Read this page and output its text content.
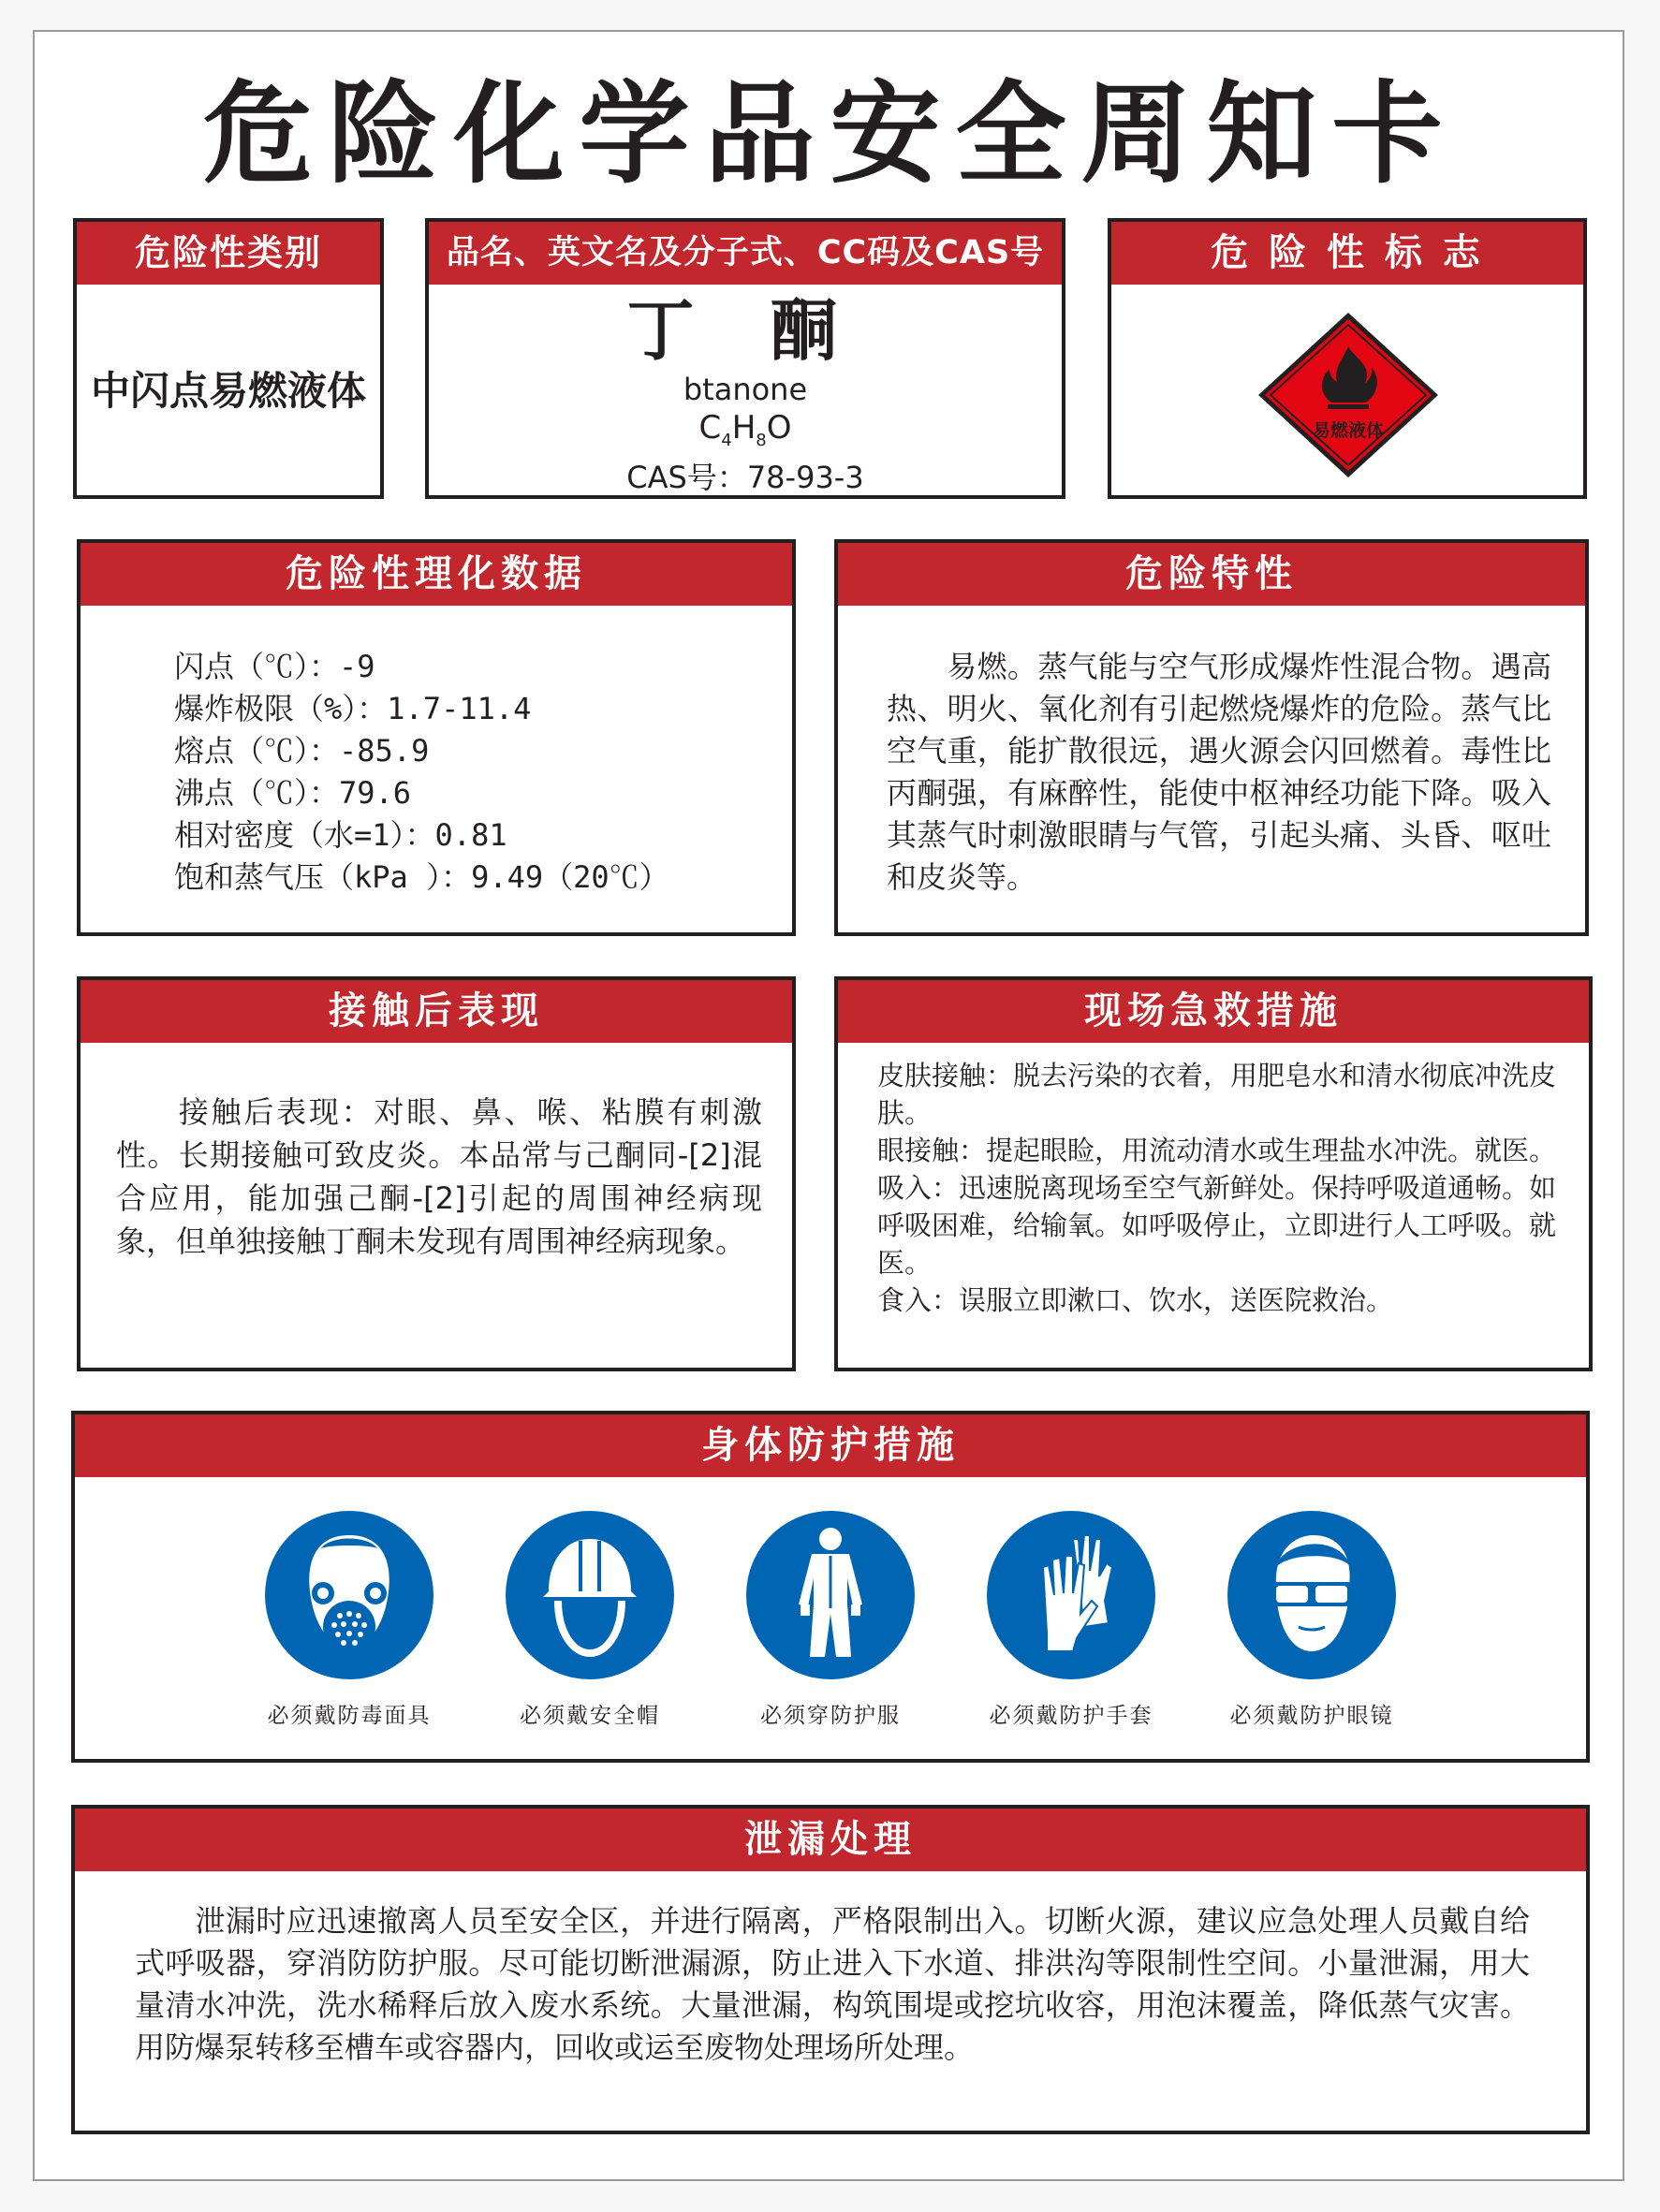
危险化学品安全周知卡
危险性类别
中闪点易燃液体
品名、英文名及分子式、CC码及CAS号
丁 酮
btanone
$C_4H_8O$
CAS号：78-93-3
危 险 性 标 志
易燃液体
危险性理化数据
闪点（℃）：-9
爆炸极限（%）：1.7-11.4
熔点（℃）：-85.9
沸点（℃）：79.6
相对密度（水=1）：0.81
饱和蒸气压（kPa ）：9.49（20℃）
危险特性
易燃。蒸气能与空气形成爆炸性混合物。遇高热、明火、氧化剂有引起燃烧爆炸的危险。蒸气比空气重，能扩散很远，遇火源会闪回燃着。毒性比丙酮强，有麻醉性，能使中枢神经功能下降。吸入其蒸气时刺激眼睛与气管，引起头痛、头昏、呕吐和皮炎等。
接触后表现
接触后表现：对眼、鼻、喉、粘膜有刺激性。长期接触可致皮炎。本品常与己酮同-[2]混合应用，能加强己酮-[2]引起的周围神经病现象，但单独接触丁酮未发现有周围神经病现象。
现场急救措施
皮肤接触：脱去污染的衣着，用肥皂水和清水彻底冲洗皮肤。
眼接触：提起眼睑，用流动清水或生理盐水冲洗。就医。
吸入：迅速脱离现场至空气新鲜处。保持呼吸道通畅。如呼吸困难，给输氧。如呼吸停止，立即进行人工呼吸。就医。
食入：误服立即漱口、饮水，送医院救治。
身体防护措施
必须戴防毒面具	必须戴安全帽	必须穿防护服	必须戴防护手套	必须戴防护眼镜
泄漏处理
泄漏时应迅速撤离人员至安全区，并进行隔离，严格限制出入。切断火源，建议应急处理人员戴自给式呼吸器，穿消防防护服。尽可能切断泄漏源，防止进入下水道、排洪沟等限制性空间。小量泄漏，用大量清水冲洗，洗水稀释后放入废水系统。大量泄漏，构筑围堤或挖坑收容，用泡沫覆盖，降低蒸气灾害。用防爆泵转移至槽车或容器内，回收或运至废物处理场所处理。
